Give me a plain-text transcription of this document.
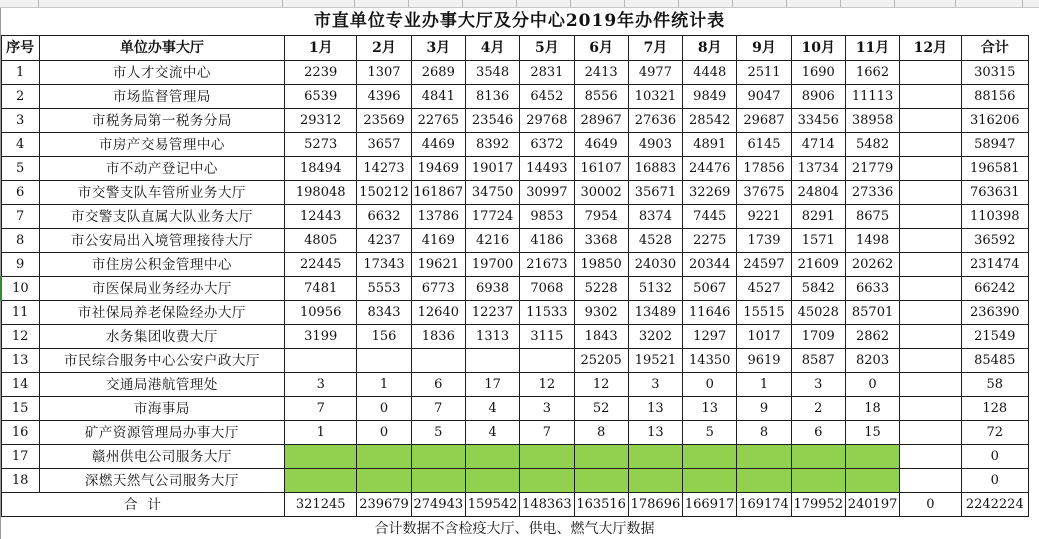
市直单位专业办事大厅及分中心2019年办件统计表
序号	单位办事大厅	1月	2月	3月	4月	5月	6月	7月	8月	9月	10月	11月	12月	合计
1	市人才交流中心	2239	1307	2689	3548	2831	2413	4977	4448	2511	1690	1662		30315
2	市场监督管理局	6539	4396	4841	8136	6452	8556	10321	9849	9047	8906	11113		88156
3	市税务局第一税务分局	29312	23569	22765	23546	29768	28967	27636	28542	29687	33456	38958		316206
4	市房产交易管理中心	5273	3657	4469	8392	6372	4649	4903	4891	6145	4714	5482		58947
5	市不动产登记中心	18494	14273	19469	19017	14493	16107	16883	24476	17856	13734	21779		196581
6	市交警支队车管所业务大厅	198048	150212	161867	34750	30997	30002	35671	32269	37675	24804	27336		763631
7	市交警支队直属大队业务大厅	12443	6632	13786	17724	9853	7954	8374	7445	9221	8291	8675		110398
8	市公安局出入境管理接待大厅	4805	4237	4169	4216	4186	3368	4528	2275	1739	1571	1498		36592
9	市住房公积金管理中心	22445	17343	19621	19700	21673	19850	24030	20344	24597	21609	20262		231474
10	市医保局业务经办大厅	7481	5553	6773	6938	7068	5228	5132	5067	4527	5842	6633		66242
11	市社保局养老保险经办大厅	10956	8343	12640	12237	11533	9302	13489	11646	15515	45028	85701		236390
12	水务集团收费大厅	3199	156	1836	1313	3115	1843	3202	1297	1017	1709	2862		21549
13	市民综合服务中心公安户政大厅						25205	19521	14350	9619	8587	8203		85485
14	交通局港航管理处	3	1	6	17	12	12	3	0	1	3	0		58
15	市海事局	7	0	7	4	3	52	13	13	9	2	18		128
16	矿产资源管理局办事大厅	1	0	5	4	7	8	13	5	8	6	15		72
17	赣州供电公司服务大厅													0
18	深燃天然气公司服务大厅													0
合  计		321245	239679	274943	159542	148363	163516	178696	166917	169174	179952	240197	0	2242224
合计数据不含检疫大厅、供电、燃气大厅数据
